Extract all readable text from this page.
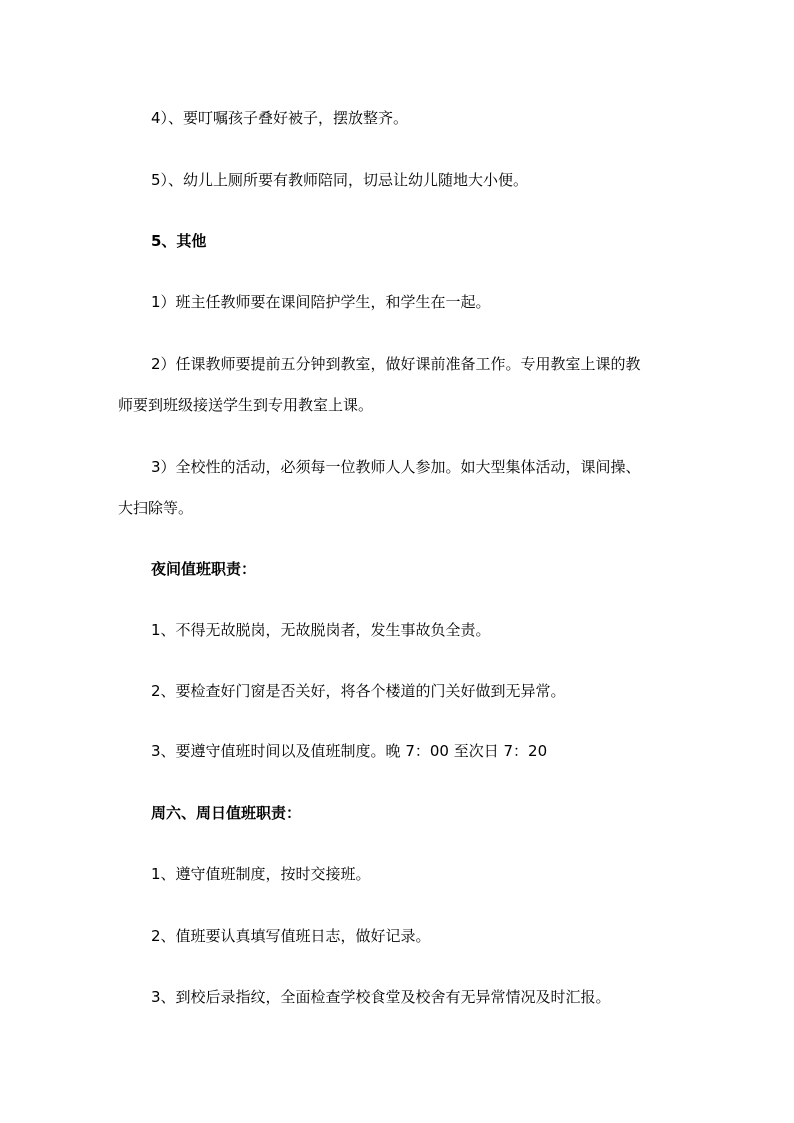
4）、要叮嘱孩子叠好被子，摆放整齐。

5）、幼儿上厕所要有教师陪同，切忌让幼儿随地大小便。

5、其他

1）班主任教师要在课间陪护学生，和学生在一起。

2）任课教师要提前五分钟到教室，做好课前准备工作。专用教室上课的教

师要到班级接送学生到专用教室上课。

3）全校性的活动，必须每一位教师人人参加。如大型集体活动，课间操、

大扫除等。

夜间值班职责：

1、不得无故脱岗，无故脱岗者，发生事故负全责。

2、要检查好门窗是否关好，将各个楼道的门关好做到无异常。

3、要遵守值班时间以及值班制度。晚 7：00 至次日 7：20

周六、周日值班职责：

1、遵守值班制度，按时交接班。

2、值班要认真填写值班日志，做好记录。

3、到校后录指纹，全面检查学校食堂及校舍有无异常情况及时汇报。
